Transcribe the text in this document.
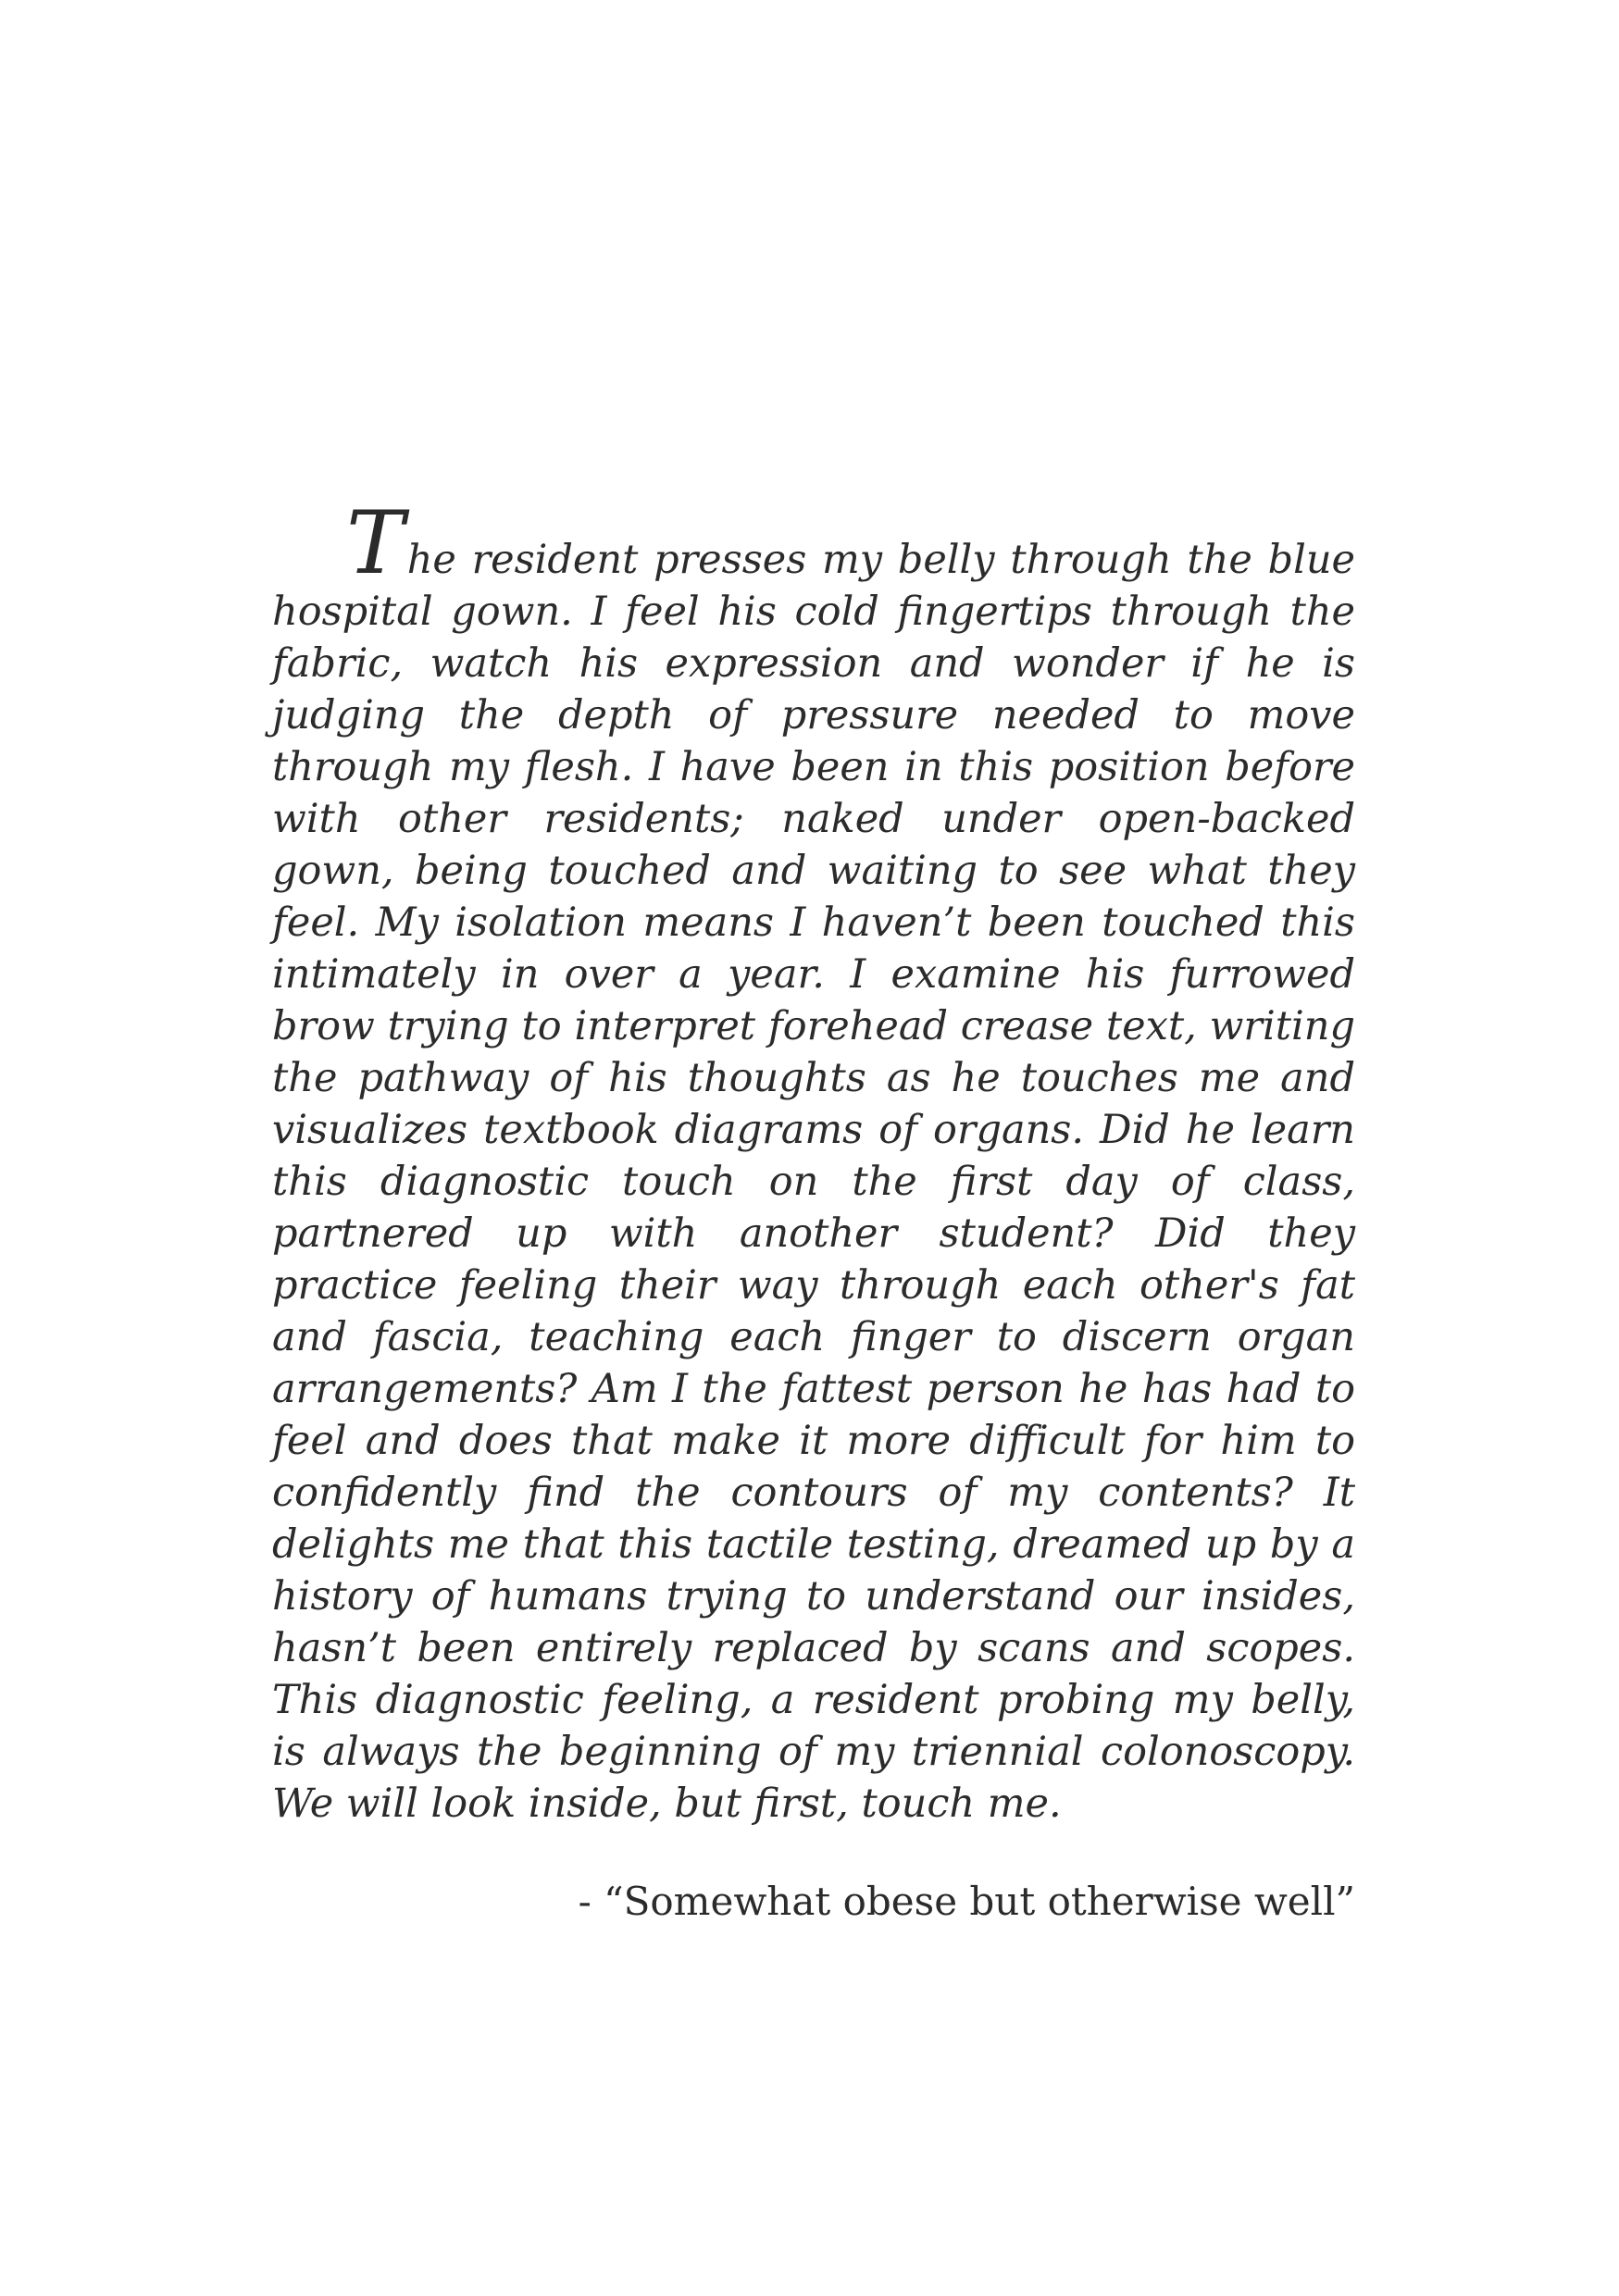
The resident presses my belly through the blue hospital gown. I feel his cold fingertips through the fabric, watch his expression and wonder if he is judging the depth of pressure needed to move through my flesh. I have been in this position before with other residents; naked under open-backed gown, being touched and waiting to see what they feel. My isolation means I haven’t been touched this intimately in over a year. I examine his furrowed brow trying to interpret forehead crease text, writing the pathway of his thoughts as he touches me and visualizes textbook diagrams of organs. Did he learn this diagnostic touch on the first day of class, partnered up with another student? Did they practice feeling their way through each other's fat and fascia, teaching each finger to discern organ arrangements? Am I the fattest person he has had to feel and does that make it more difficult for him to confidently find the contours of my contents? It delights me that this tactile testing, dreamed up by a history of humans trying to understand our insides, hasn’t been entirely replaced by scans and scopes. This diagnostic feeling, a resident probing my belly, is always the beginning of my triennial colonoscopy. We will look inside, but first, touch me.

- “Somewhat obese but otherwise well”
